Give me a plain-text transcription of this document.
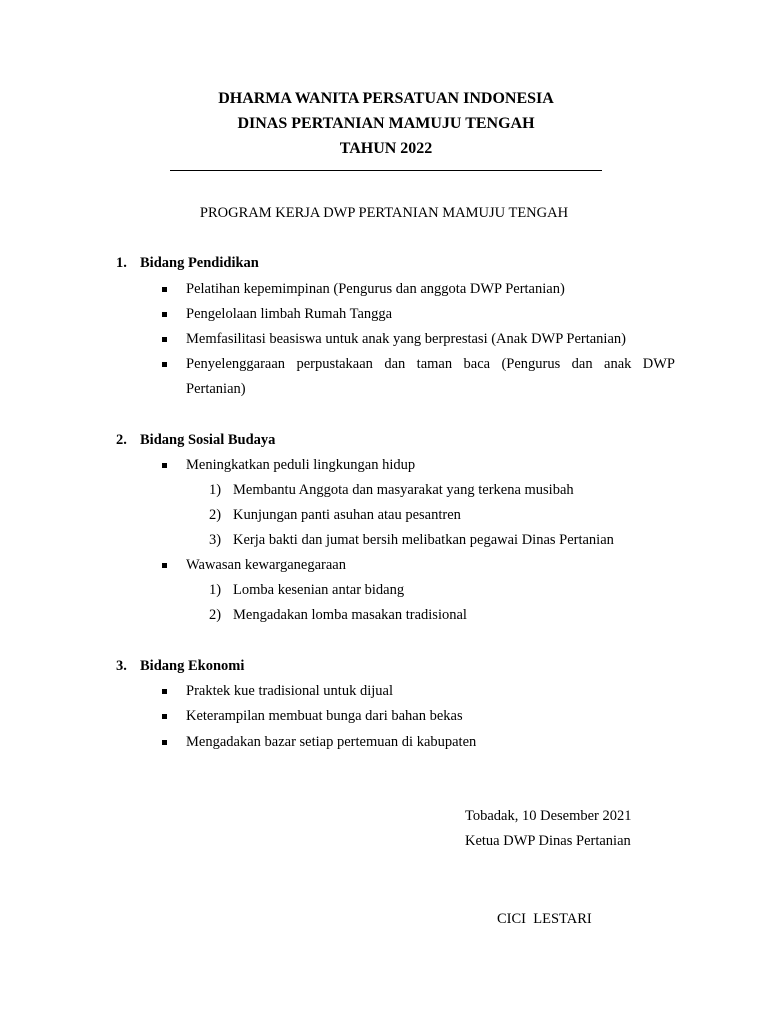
DHARMA WANITA PERSATUAN INDONESIA
DINAS PERTANIAN MAMUJU TENGAH
TAHUN 2022
PROGRAM KERJA DWP PERTANIAN MAMUJU TENGAH
1. Bidang Pendidikan
Pelatihan kepemimpinan (Pengurus dan anggota DWP Pertanian)
Pengelolaan limbah Rumah Tangga
Memfasilitasi beasiswa untuk anak yang berprestasi (Anak DWP Pertanian)
Penyelenggaraan perpustakaan dan taman baca (Pengurus dan anak DWP Pertanian)
2. Bidang Sosial Budaya
Meningkatkan peduli lingkungan hidup
1) Membantu Anggota dan masyarakat yang terkena musibah
2) Kunjungan panti asuhan atau pesantren
3) Kerja bakti dan jumat bersih melibatkan pegawai Dinas Pertanian
Wawasan kewarganegaraan
1) Lomba kesenian antar bidang
2) Mengadakan lomba masakan tradisional
3. Bidang Ekonomi
Praktek kue tradisional untuk dijual
Keterampilan membuat bunga dari bahan bekas
Mengadakan bazar setiap pertemuan di kabupaten
Tobadak, 10 Desember 2021
Ketua DWP Dinas Pertanian
CICI  LESTARI
